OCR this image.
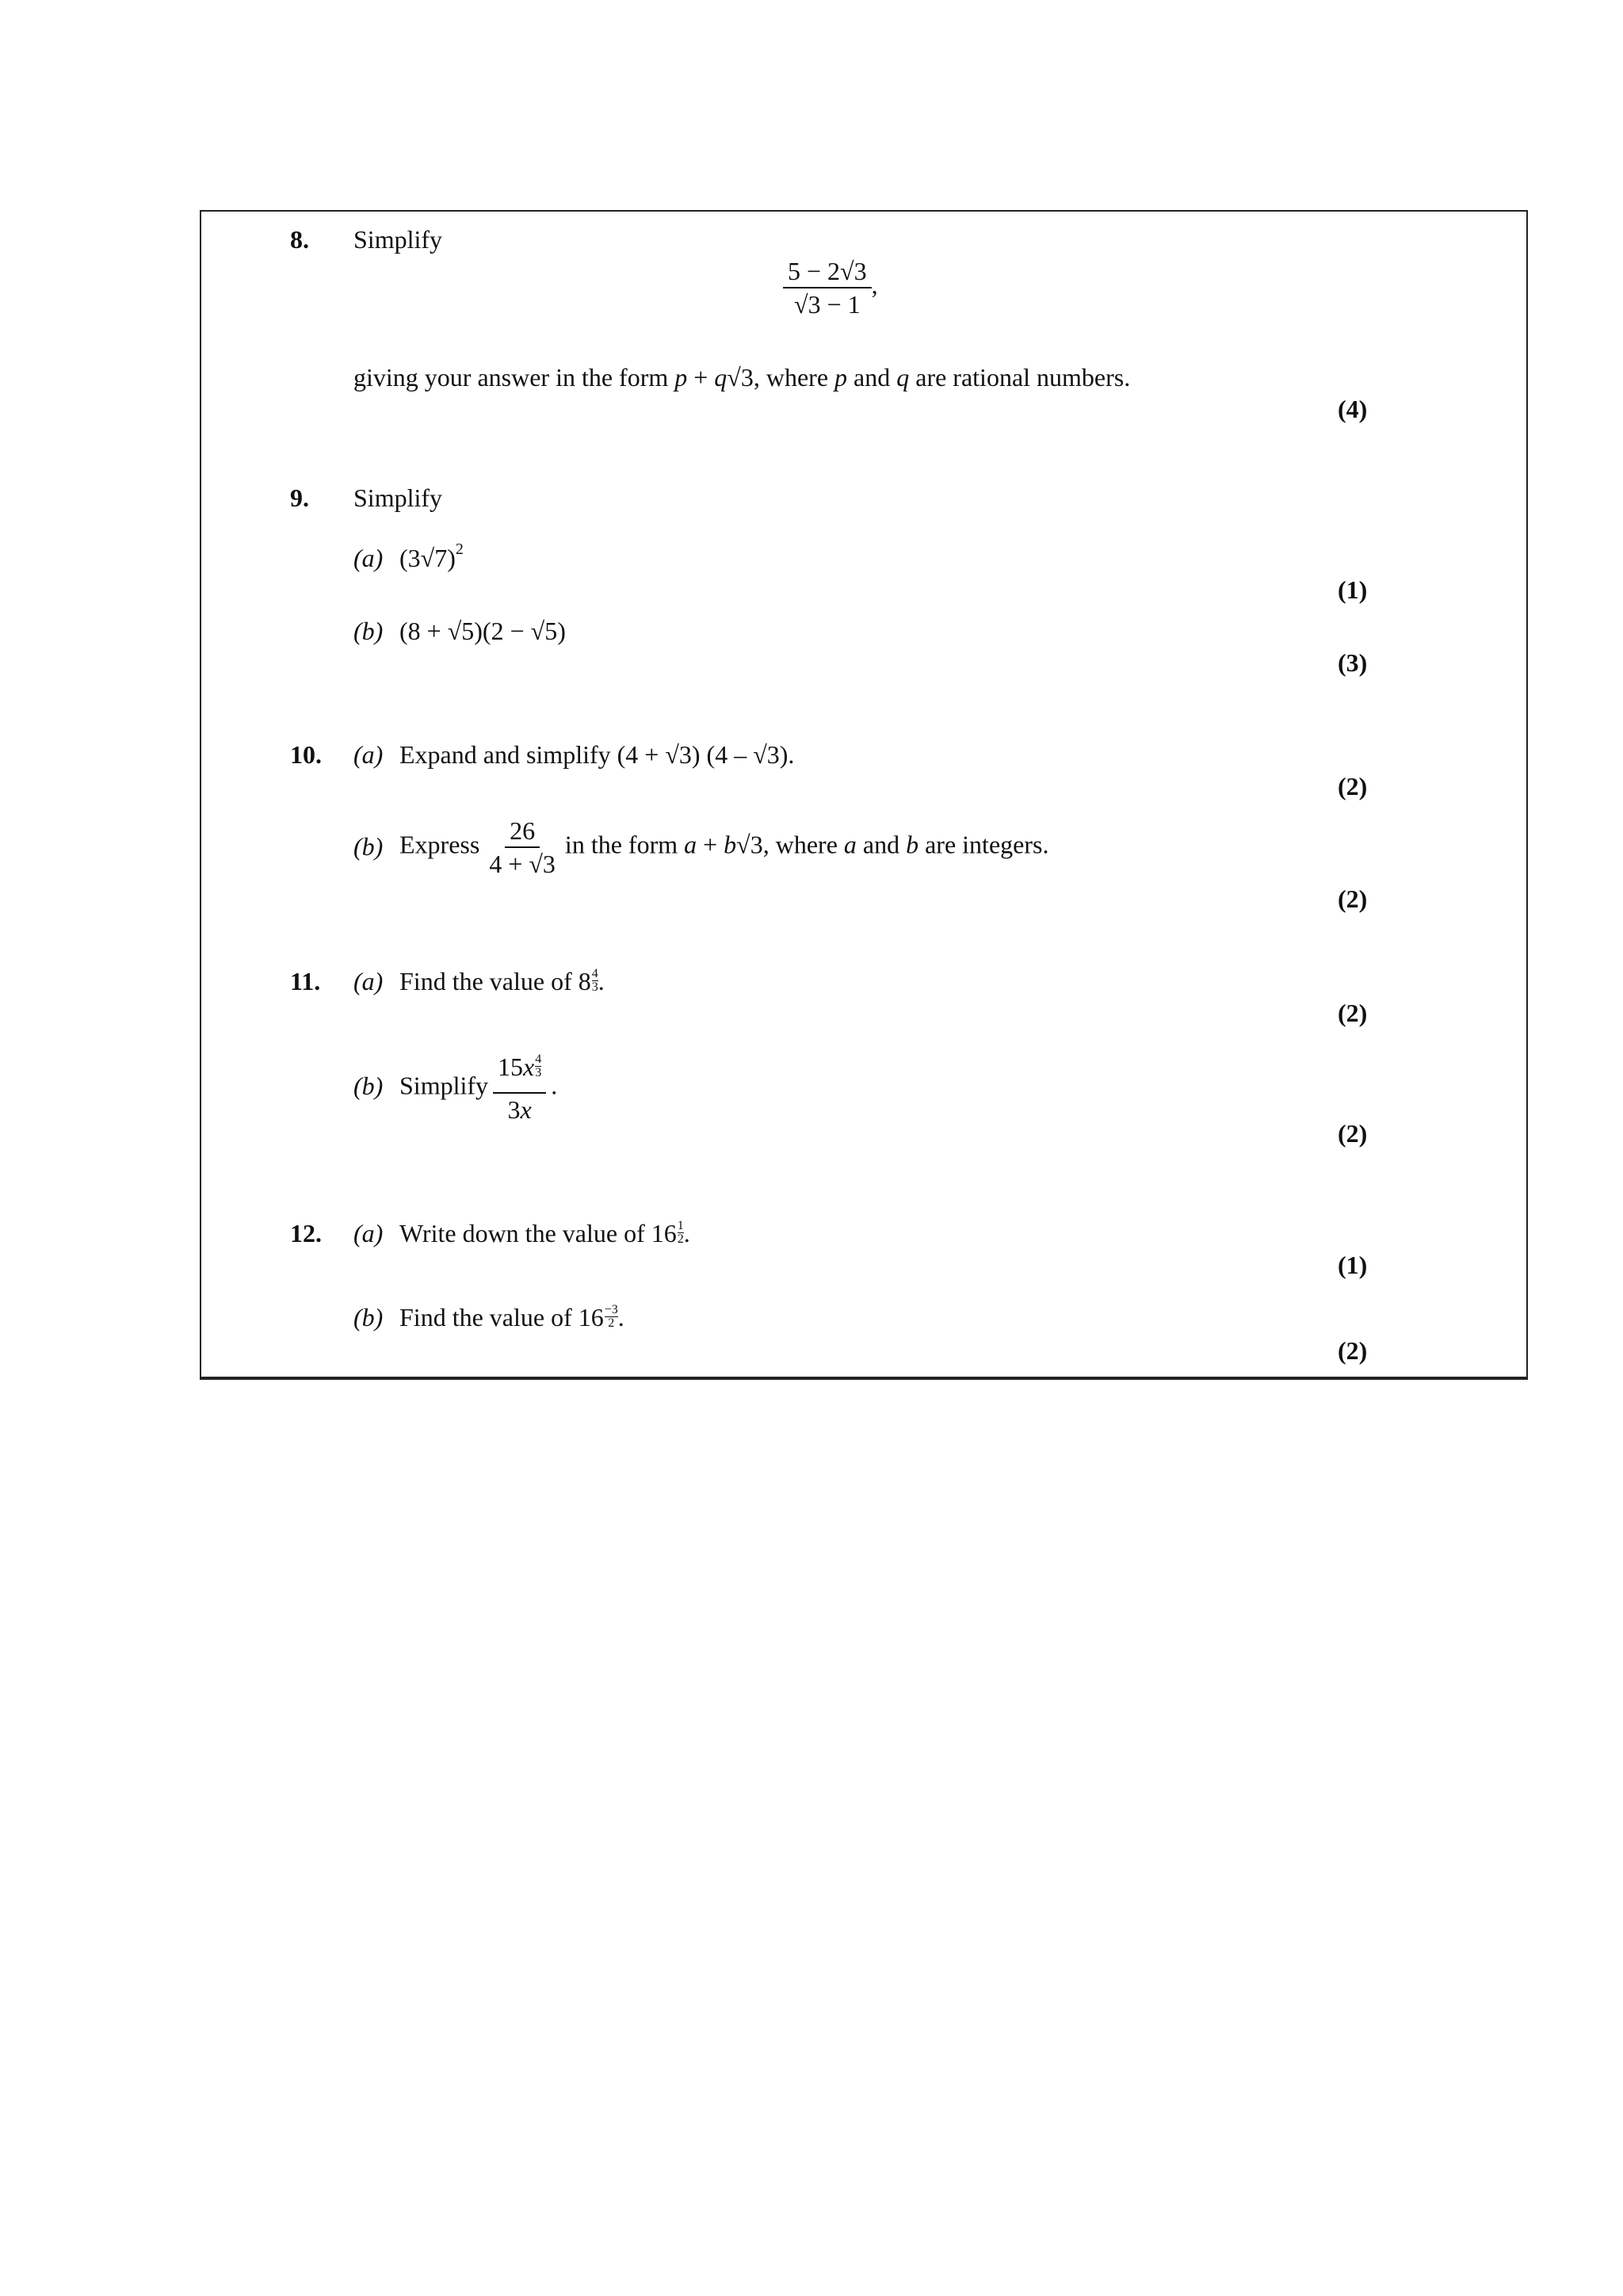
8. Simplify
$\frac{5 - 2√3}{√3 - 1}$ ,
giving your answer in the form p + q√3, where p and q are rational numbers.
(4)
9. Simplify
(a) $(3√7)^2$
(1)
(b) (8 + √5)(2 − √5)
(3)
10. (a) Expand and simplify (4 + √3) (4 – √3).
(2)
(b) Express $\frac{26}{4 + √3}$ in the form a + b√3, where a and b are integers.
(2)
11. (a) Find the value of $8 \frac{4}{3}$ .
(2)
(b) Simplify $\frac{15x \frac{4}{3}}{3x}$ .
(2)
12. (a) Write down the value of $16 \frac{1}{2}$ .
(1)
(b) Find the value of $16 \frac{-3}{2}$ .
(2)
